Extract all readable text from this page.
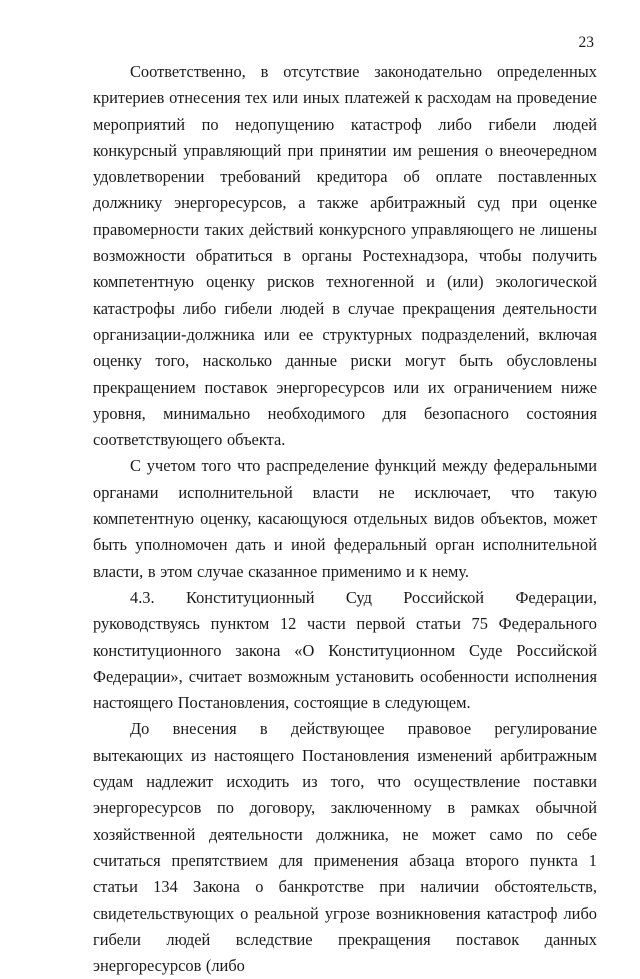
23

Соответственно, в отсутствие законодательно определенных критериев отнесения тех или иных платежей к расходам на проведение мероприятий по недопущению катастроф либо гибели людей конкурсный управляющий при принятии им решения о внеочередном удовлетворении требований кредитора об оплате поставленных должнику энергоресурсов, а также арбитражный суд при оценке правомерности таких действий конкурсного управляющего не лишены возможности обратиться в органы Ростехнадзора, чтобы получить компетентную оценку рисков техногенной и (или) экологической катастрофы либо гибели людей в случае прекращения деятельности организации-должника или ее структурных подразделений, включая оценку того, насколько данные риски могут быть обусловлены прекращением поставок энергоресурсов или их ограничением ниже уровня, минимально необходимого для безопасного состояния соответствующего объекта.

С учетом того что распределение функций между федеральными органами исполнительной власти не исключает, что такую компетентную оценку, касающуюся отдельных видов объектов, может быть уполномочен дать и иной федеральный орган исполнительной власти, в этом случае сказанное применимо и к нему.

4.3. Конституционный Суд Российской Федерации, руководствуясь пунктом 12 части первой статьи 75 Федерального конституционного закона «О Конституционном Суде Российской Федерации», считает возможным установить особенности исполнения настоящего Постановления, состоящие в следующем.

До внесения в действующее правовое регулирование вытекающих из настоящего Постановления изменений арбитражным судам надлежит исходить из того, что осуществление поставки энергоресурсов по договору, заключенному в рамках обычной хозяйственной деятельности должника, не может само по себе считаться препятствием для применения абзаца второго пункта 1 статьи 134 Закона о банкротстве при наличии обстоятельств, свидетельствующих о реальной угрозе возникновения катастроф либо гибели людей вследствие прекращения поставок данных энергоресурсов (либо
